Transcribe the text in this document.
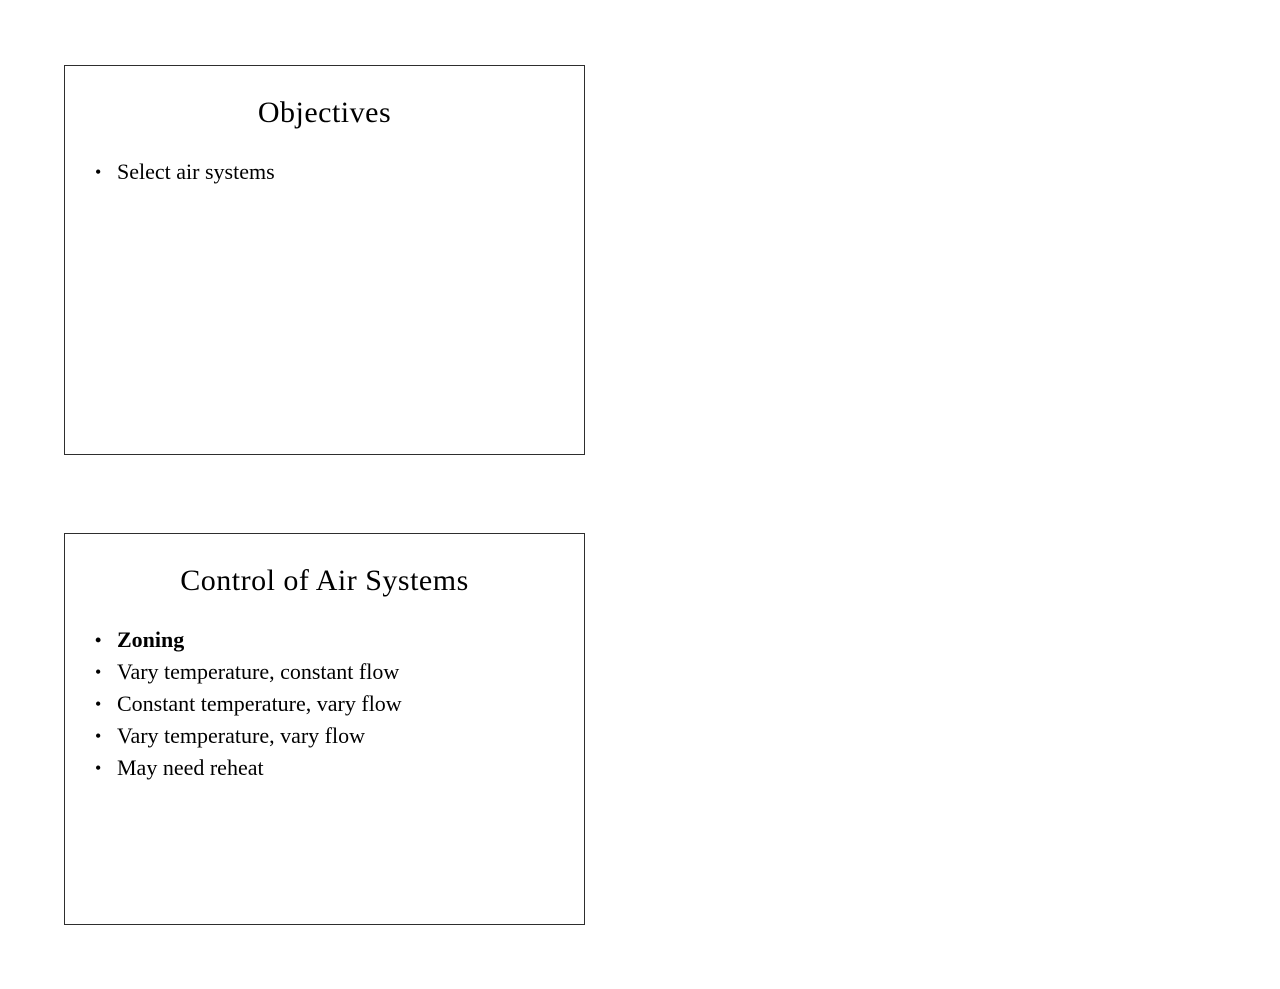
Objectives
• Select air systems
Control of Air Systems
• Zoning
• Vary temperature, constant flow
• Constant temperature, vary flow
• Vary temperature, vary flow
• May need reheat
